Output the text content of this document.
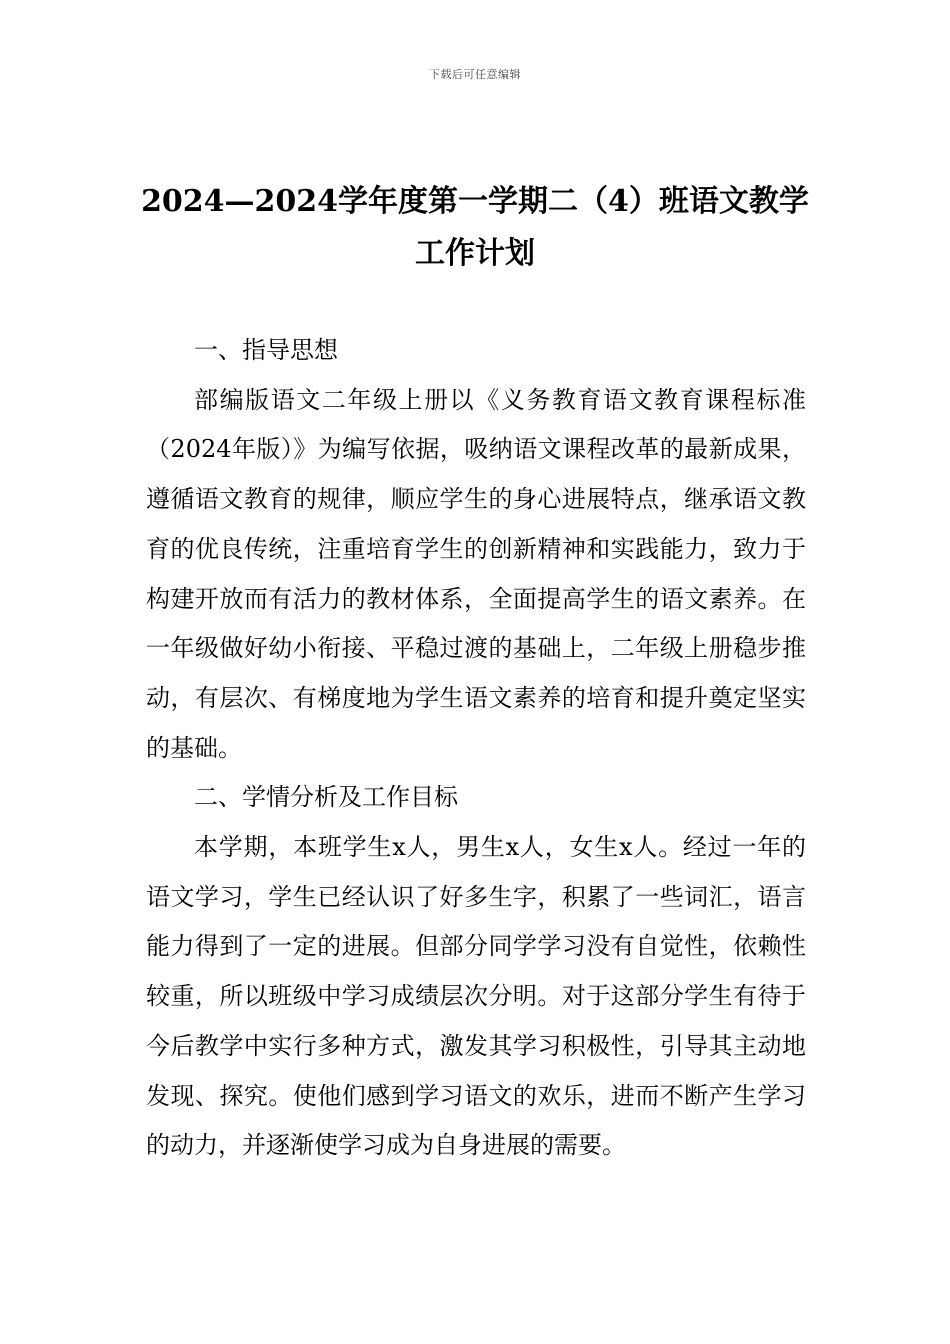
下载后可任意编辑
2024—2024学年度第一学期二（4）班语文教学工作计划
一、指导思想

部编版语文二年级上册以《义务教育语文教育课程标准（2024年版）》为编写依据，吸纳语文课程改革的最新成果，遵循语文教育的规律，顺应学生的身心进展特点，继承语文教育的优良传统，注重培育学生的创新精神和实践能力，致力于构建开放而有活力的教材体系，全面提高学生的语文素养。在一年级做好幼小衔接、平稳过渡的基础上，二年级上册稳步推动，有层次、有梯度地为学生语文素养的培育和提升奠定坚实的基础。

二、学情分析及工作目标

本学期，本班学生x人，男生x人，女生x人。经过一年的语文学习，学生已经认识了好多生字，积累了一些词汇，语言能力得到了一定的进展。但部分同学学习没有自觉性，依赖性较重，所以班级中学习成绩层次分明。对于这部分学生有待于今后教学中实行多种方式，激发其学习积极性，引导其主动地发现、探究。使他们感到学习语文的欢乐，进而不断产生学习的动力，并逐渐使学习成为自身进展的需要。
